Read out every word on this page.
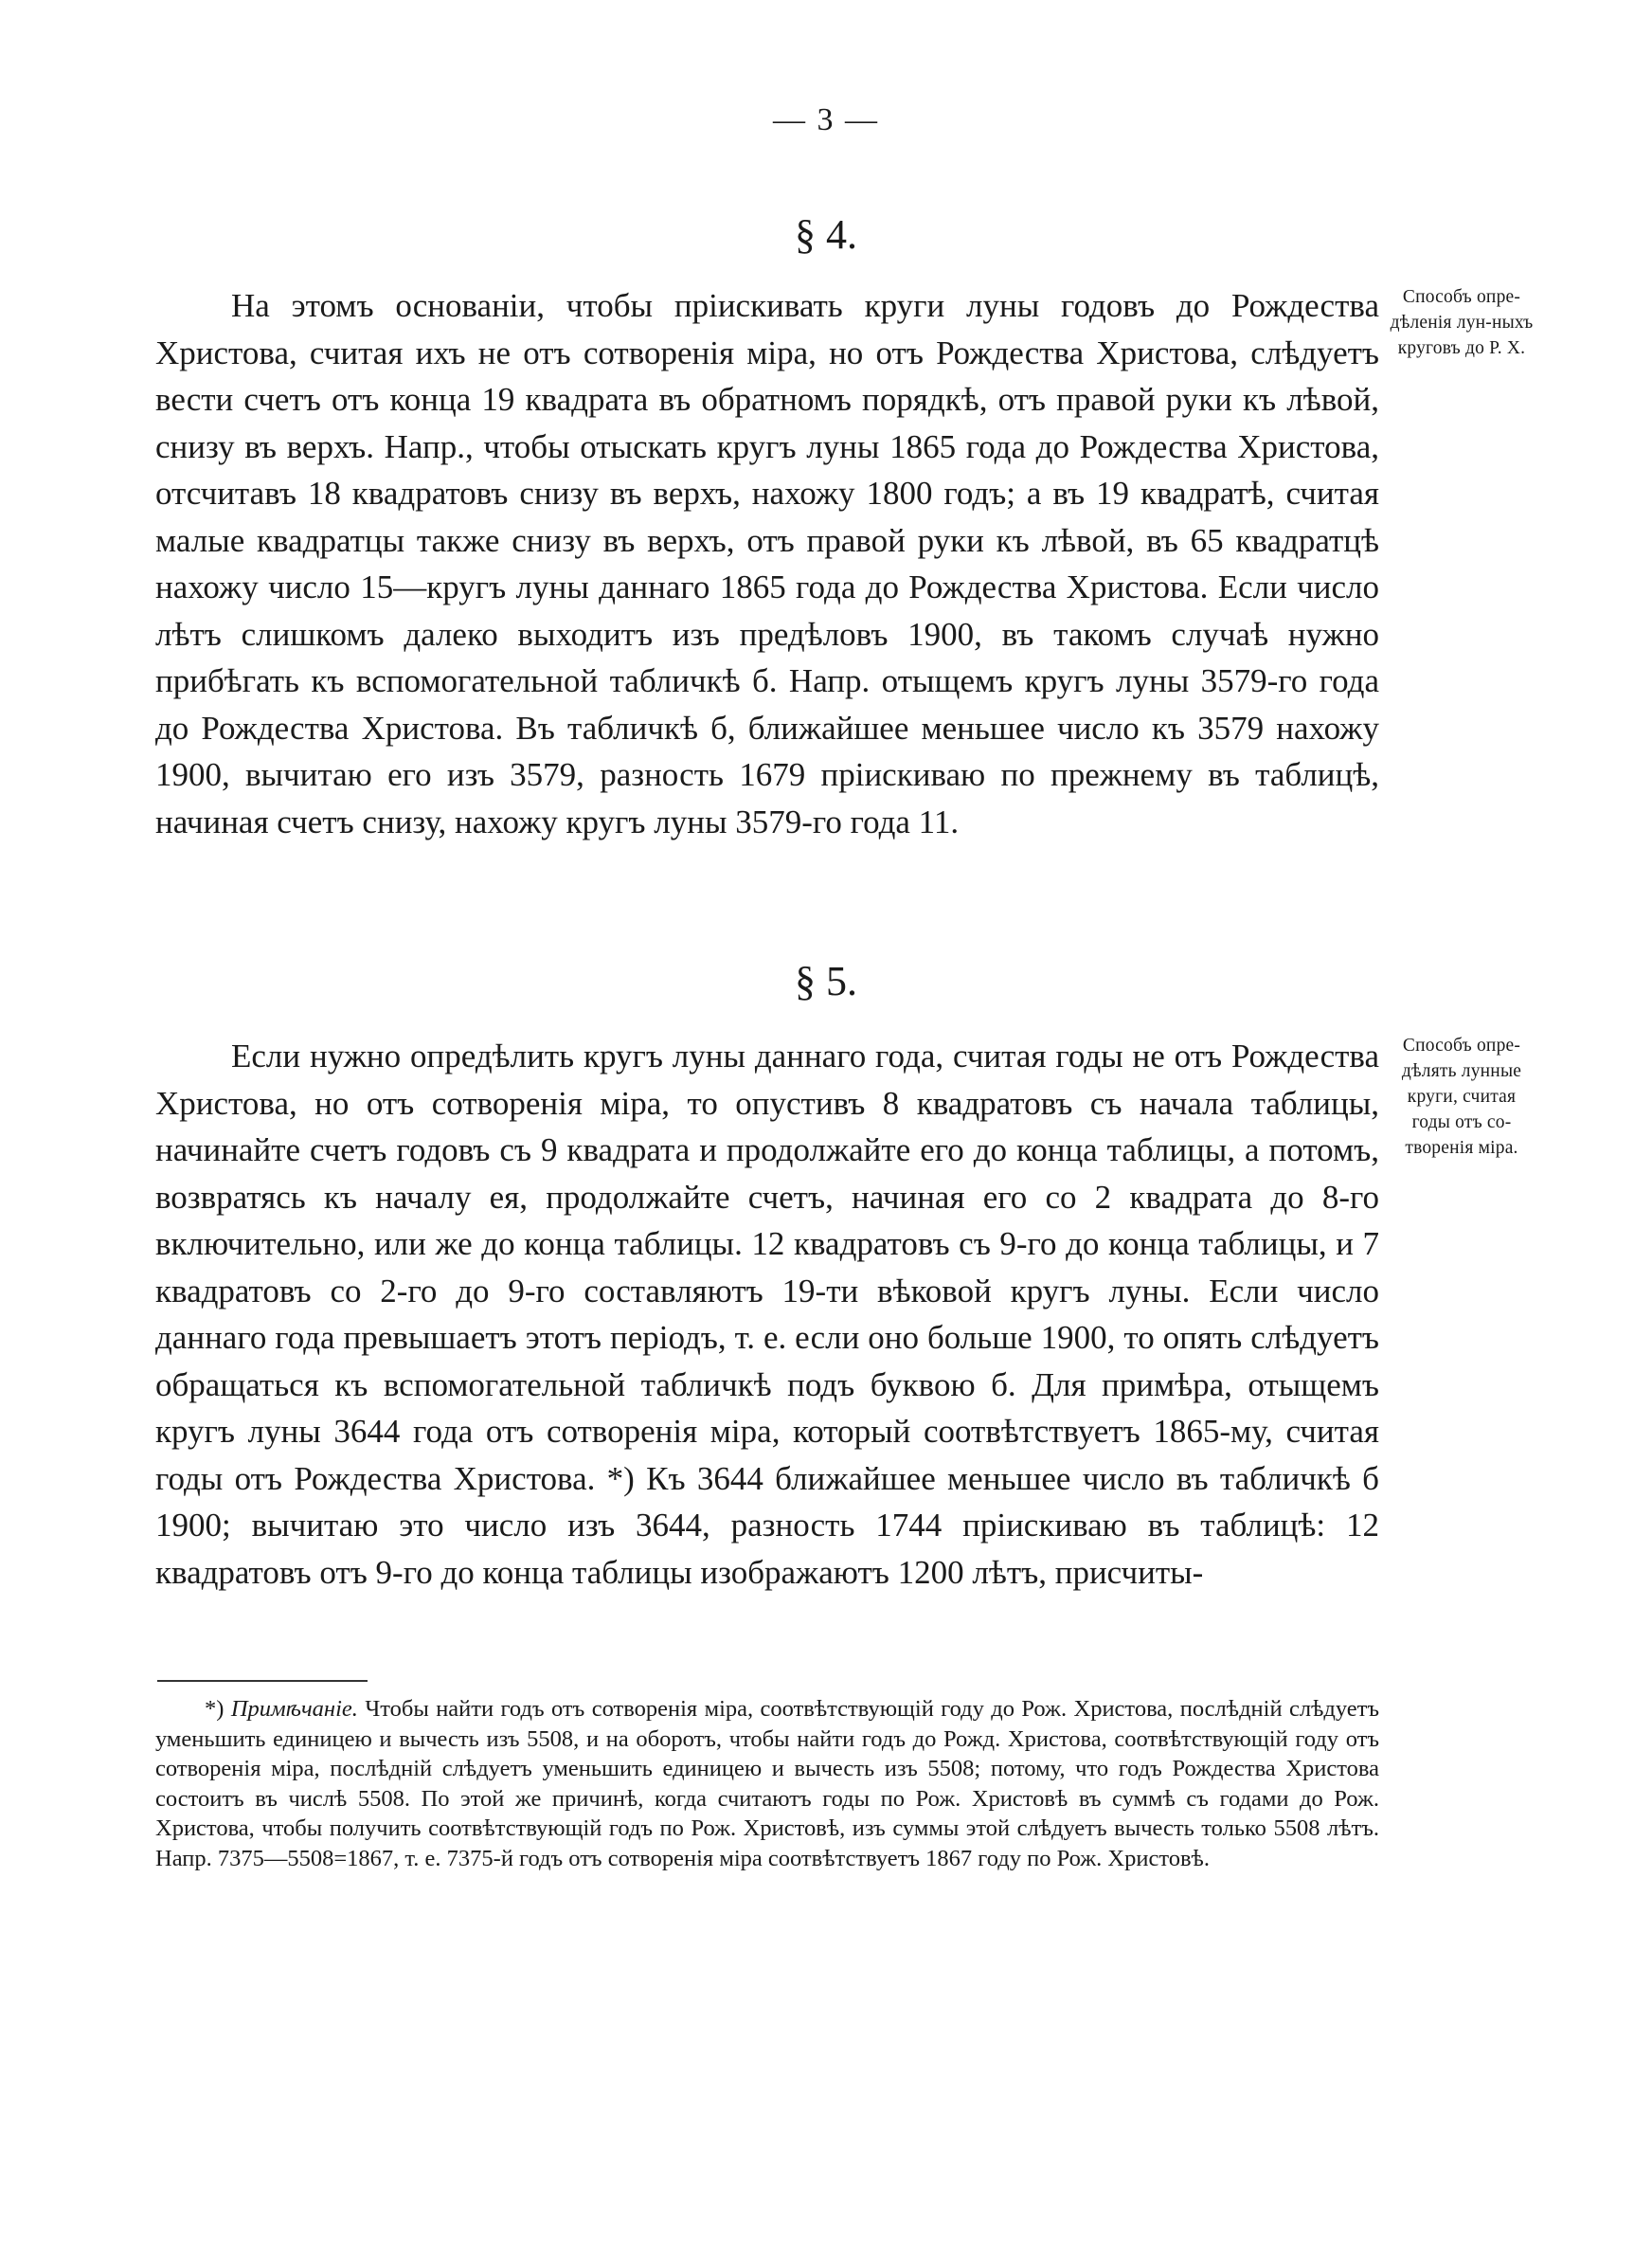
— 3 —
§ 4.
На этомъ основаніи, чтобы пріискивать круги луны годовъ до Рождества Христова, считая ихъ не отъ сотворенія міра, но отъ Рождества Христова, слѣдуетъ вести счетъ отъ конца 19 квадрата въ обратномъ порядкѣ, отъ правой руки къ лѣвой, снизу въ верхъ. Напр., чтобы отыскать кругъ луны 1865 года до Рождества Христова, отсчитавъ 18 квадратовъ снизу въ верхъ, нахожу 1800 годъ; а въ 19 квадратѣ, считая малые квадратцы также снизу въ верхъ, отъ правой руки къ лѣвой, въ 65 квадратцѣ нахожу число 15—кругъ луны даннаго 1865 года до Рождества Христова. Если число лѣтъ слишкомъ далеко выходитъ изъ предѣловъ 1900, въ такомъ случаѣ нужно прибѣгать къ вспомогательной табличкѣ б. Напр. отыщемъ кругъ луны 3579-го года до Рождества Христова. Въ табличкѣ б, ближайшее меньшее число къ 3579 нахожу 1900, вычитаю его изъ 3579, разность 1679 пріискиваю по прежнему въ таблицѣ, начиная счетъ снизу, нахожу кругъ луны 3579-го года 11.
Способъ опре-дѣленія лун-ныхъ круговъ до Р. Х.
§ 5.
Если нужно опредѣлить кругъ луны даннаго года, считая годы не отъ Рождества Христова, но отъ сотворенія міра, то опустивъ 8 квадратовъ съ начала таблицы, начинайте счетъ годовъ съ 9 квадрата и продолжайте его до конца таблицы, а потомъ, возвратясь къ началу ея, продолжайте счетъ, начиная его со 2 квадрата до 8-го включительно, или же до конца таблицы. 12 квадратовъ съ 9-го до конца таблицы, и 7 квадратовъ со 2-го до 9-го составляютъ 19-ти вѣковой кругъ луны. Если число даннаго года превышаетъ этотъ періодъ, т. е. если оно больше 1900, то опять слѣдуетъ обращаться къ вспомогательной табличкѣ подъ буквою б. Для примѣра, отыщемъ кругъ луны 3644 года отъ сотворенія міра, который соотвѣтствуетъ 1865-му, считая годы отъ Рождества Христова. *) Къ 3644 ближайшее меньшее число въ табличкѣ б 1900; вычитаю это число изъ 3644, разность 1744 пріискиваю въ таблицѣ: 12 квадратовъ отъ 9-го до конца таблицы изображаютъ 1200 лѣтъ, присчиты-
Способъ опре-дѣлять лунные круги, считая годы отъ со-творенія міра.
*) Примѣчаніе. Чтобы найти годъ отъ сотворенія міра, соотвѣтствующій году до Рож. Христова, послѣдній слѣдуетъ уменьшить единицею и вычесть изъ 5508, и на оборотъ, чтобы найти годъ до Рожд. Христова, соотвѣтствующій году отъ сотворенія міра, послѣдній слѣдуетъ уменьшить единицею и вычесть изъ 5508; потому, что годъ Рождества Христова состоитъ въ числѣ 5508. По этой же причинѣ, когда считаютъ годы по Рож. Христовѣ въ суммѣ съ годами до Рож. Христова, чтобы получить соотвѣтствующій годъ по Рож. Христовѣ, изъ суммы этой слѣдуетъ вычесть только 5508 лѣтъ. Напр. 7375—5508=1867, т. е. 7375-й годъ отъ сотворенія міра соотвѣтствуетъ 1867 году по Рож. Христовѣ.
